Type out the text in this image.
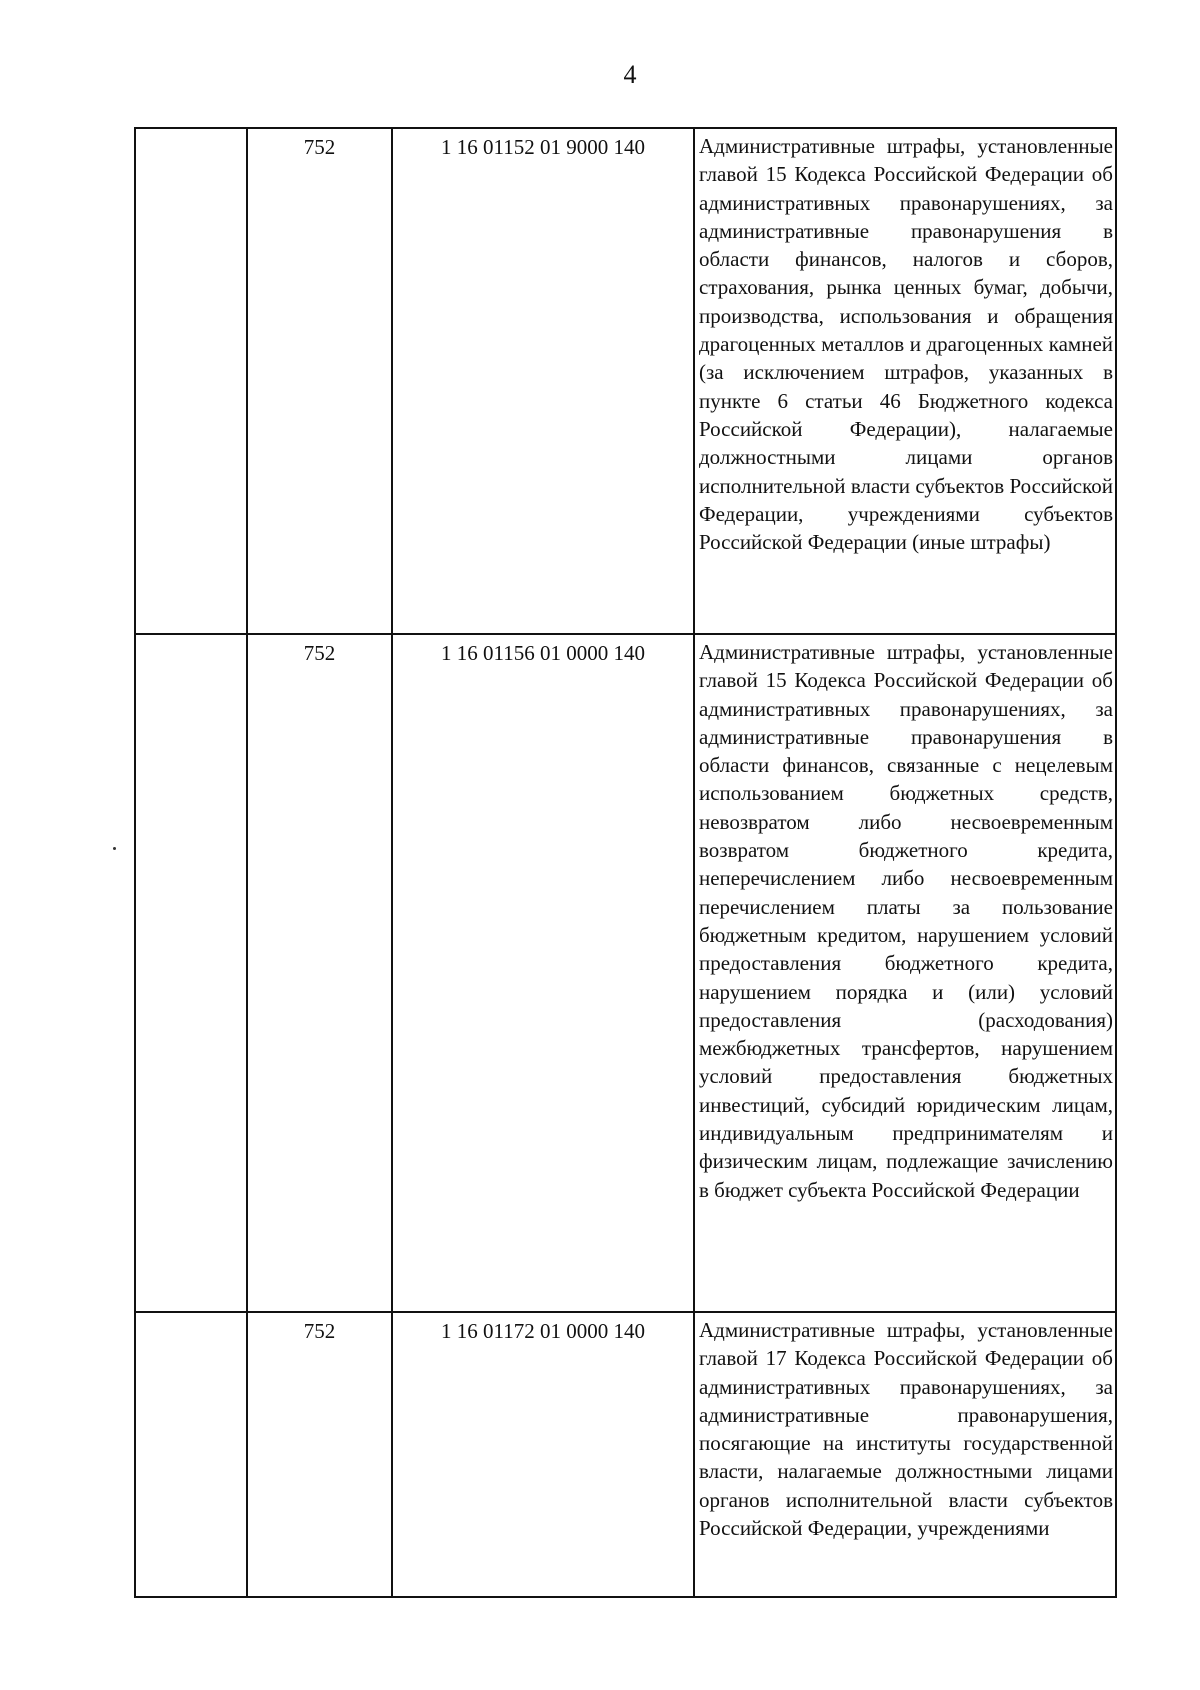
4
	752	1 16 01152 01 9000 140	Административные штрафы, установленные главой 15 Кодекса Российской Федерации об административных правонарушениях, за административные правонарушения в области финансов, налогов и сборов, страхования, рынка ценных бумаг, добычи, производства, использования и обращения драгоценных металлов и драгоценных камней (за исключением штрафов, указанных в пункте 6 статьи 46 Бюджетного кодекса Российской Федерации), налагаемые должностными лицами органов исполнительной власти субъектов Российской Федерации, учреждениями субъектов Российской Федерации (иные штрафы)
	752	1 16 01156 01 0000 140	Административные штрафы, установленные главой 15 Кодекса Российской Федерации об административных правонарушениях, за административные правонарушения в области финансов, связанные с нецелевым использованием бюджетных средств, невозвратом либо несвоевременным возвратом бюджетного кредита, неперечислением либо несвоевременным перечислением платы за пользование бюджетным кредитом, нарушением условий предоставления бюджетного кредита, нарушением порядка и (или) условий предоставления (расходования) межбюджетных трансфертов, нарушением условий предоставления бюджетных инвестиций, субсидий юридическим лицам, индивидуальным предпринимателям и физическим лицам, подлежащие зачислению в бюджет субъекта Российской Федерации
	752	1 16 01172 01 0000 140	Административные штрафы, установленные главой 17 Кодекса Российской Федерации об административных правонарушениях, за административные правонарушения, посягающие на институты государственной власти, налагаемые должностными лицами органов исполнительной власти субъектов Российской Федерации, учреждениями
